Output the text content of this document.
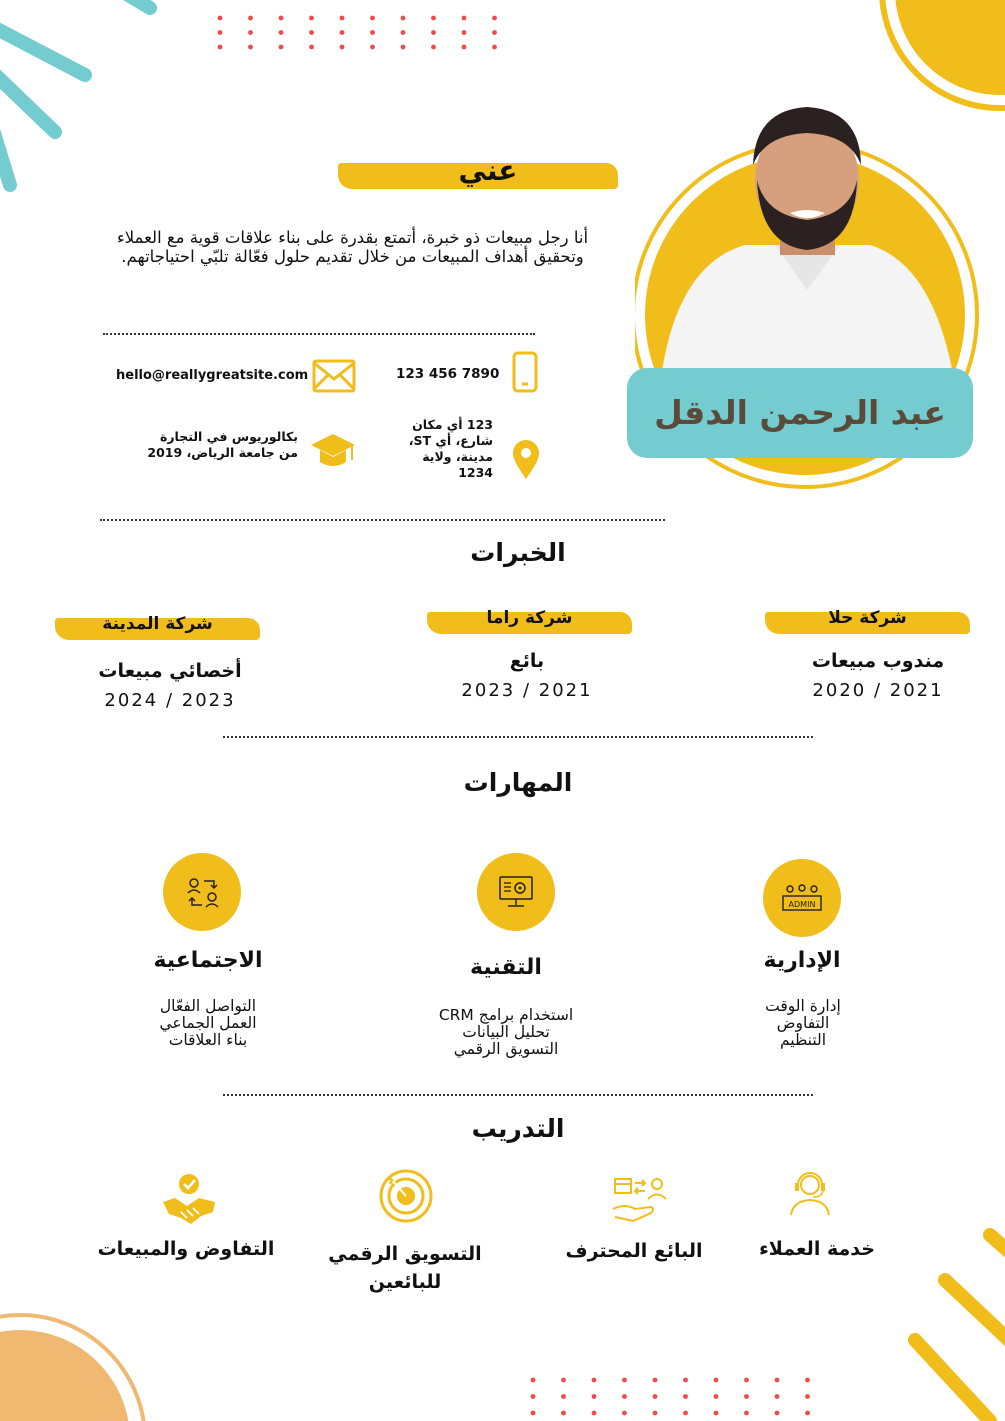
عبد الرحمن الدقل
عني
أنا رجل مبيعات ذو خبرة، أتمتع بقدرة على بناء علاقات قوية مع العملاء وتحقيق أهداف المبيعات من خلال تقديم حلول فعّالة تلبّي احتياجاتهم.
hello@reallygreatsite.com	123 456 7890
بكالوريوس في التجارة من جامعة الرياض، 2019
123 أي مكان شارع، أي ST، مدينة، ولاية 1234
الخبرات
شركة حلا
مندوب مبيعات
2021 / 2020
شركة راما
بائع
2021 / 2023
شركة المدينة
أخصائي مبيعات
2023 / 2024
المهارات
ADMIN
الإدارية
إدارة الوقت
التفاوض
التنظيم
التقنية
استخدام برامج CRM
تحليل البيانات
التسويق الرقمي
الاجتماعية
التواصل الفعّال
العمل الجماعي
بناء العلاقات
التدريب
خدمة العملاء
البائع المحترف
التسويق الرقمي للبائعين
التفاوض والمبيعات
